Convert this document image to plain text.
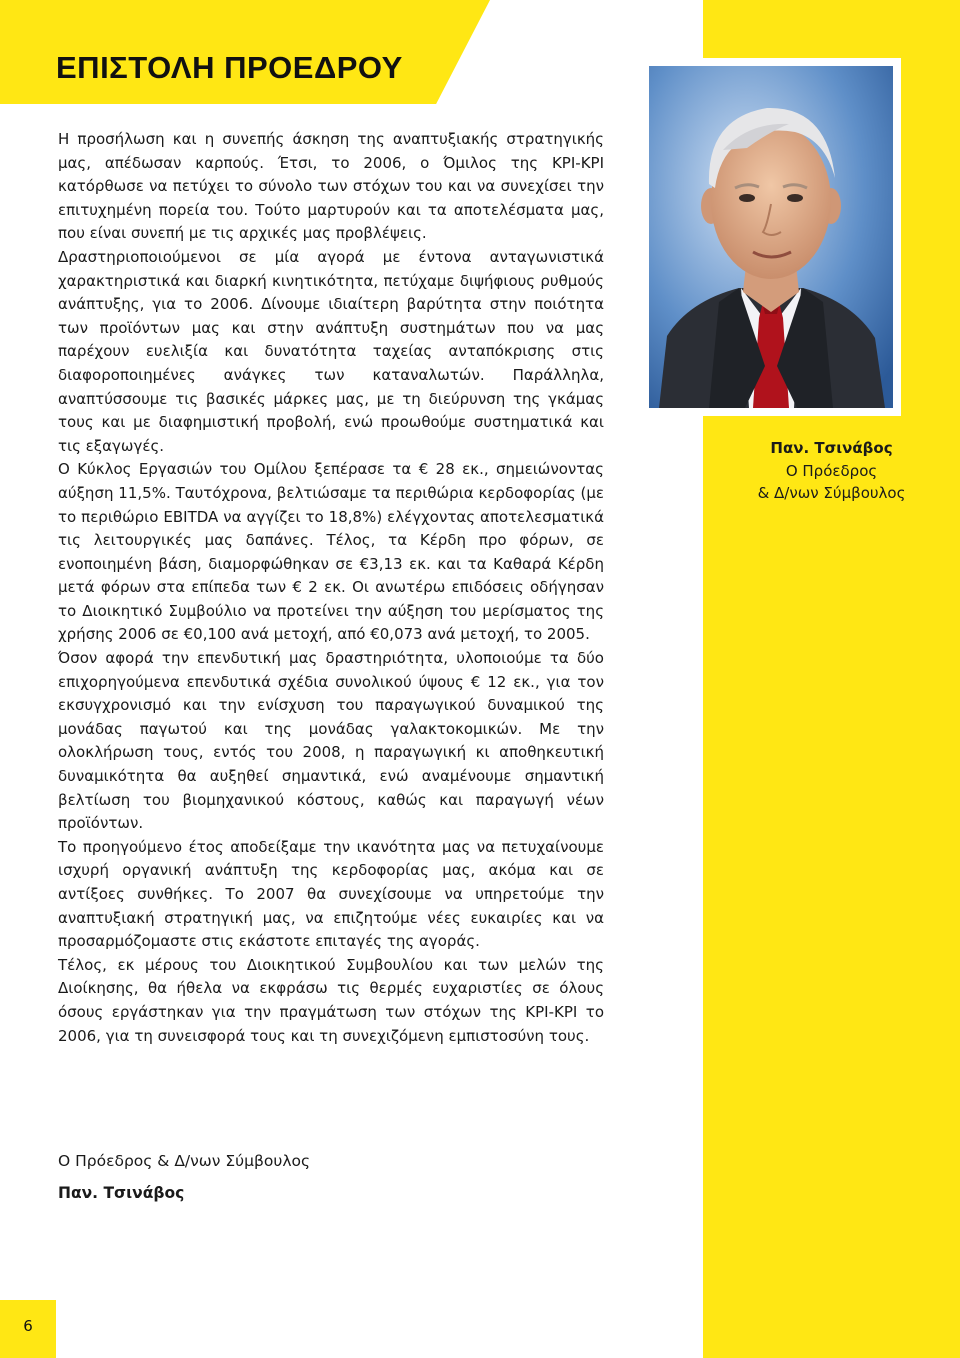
ΕΠΙΣΤΟΛΗ ΠΡΟΕΔΡΟΥ
Παν. Τσινάβος
Ο Πρόεδρος
& Δ/νων Σύμβουλος

Η προσήλωση και η συνεπής άσκηση της αναπτυξιακής στρατηγικής μας, απέδωσαν καρπούς. Έτσι, το 2006, ο Όμιλος της KPI-KPI κατόρθωσε να πετύχει το σύνολο των στόχων του και να συνεχίσει την επιτυχημένη πορεία του. Τούτο μαρτυρούν και τα αποτελέσματα μας, που είναι συνεπή με τις αρχικές μας προβλέψεις.

Δραστηριοποιούμενοι σε μία αγορά με έντονα ανταγωνιστικά χαρακτηριστικά και διαρκή κινητικότητα, πετύχαμε διψήφιους ρυθμούς ανάπτυξης, για το 2006. Δίνουμε ιδιαίτερη βαρύτητα στην ποιότητα των προϊόντων μας και στην ανάπτυξη συστημάτων που να μας παρέχουν ευελιξία και δυνατότητα ταχείας ανταπόκρισης στις διαφοροποιημένες ανάγκες των καταναλωτών. Παράλληλα, αναπτύσσουμε τις βασικές μάρκες μας, με τη διεύρυνση της γκάμας τους και με διαφημιστική προβολή, ενώ προωθούμε συστηματικά και τις εξαγωγές.

Ο Κύκλος Εργασιών του Ομίλου ξεπέρασε τα € 28 εκ., σημειώνοντας αύξηση 11,5%. Ταυτόχρονα, βελτιώσαμε τα περιθώρια κερδοφορίας (με το περιθώριο EBITDA να αγγίζει το 18,8%) ελέγχοντας αποτελεσματικά τις λειτουργικές μας δαπάνες. Τέλος, τα Κέρδη προ φόρων, σε ενοποιημένη βάση, διαμορφώθηκαν σε €3,13 εκ. και τα Καθαρά Κέρδη μετά φόρων στα επίπεδα των € 2 εκ. Οι ανωτέρω επιδόσεις οδήγησαν το Διοικητικό Συμβούλιο να προτείνει την αύξηση του μερίσματος της χρήσης 2006 σε €0,100 ανά μετοχή, από €0,073 ανά μετοχή, το 2005.

Όσον αφορά την επενδυτική μας δραστηριότητα, υλοποιούμε τα δύο επιχορηγούμενα επενδυτικά σχέδια συνολικού ύψους € 12 εκ., για τον εκσυγχρονισμό και την ενίσχυση του παραγωγικού δυναμικού της μονάδας παγωτού και της μονάδας γαλακτοκομικών. Με την ολοκλήρωση τους, εντός του 2008, η παραγωγική κι αποθηκευτική δυναμικότητα θα αυξηθεί σημαντικά, ενώ αναμένουμε σημαντική βελτίωση του βιομηχανικού κόστους, καθώς και παραγωγή νέων προϊόντων.

Το προηγούμενο έτος αποδείξαμε την ικανότητα μας να πετυχαίνουμε ισχυρή οργανική ανάπτυξη της κερδοφορίας μας, ακόμα και σε αντίξοες συνθήκες. Το 2007 θα συνεχίσουμε να υπηρετούμε την αναπτυξιακή στρατηγική μας, να επιζητούμε νέες ευκαιρίες και να προσαρμόζομαστε στις εκάστοτε επιταγές της αγοράς.

Τέλος, εκ μέρους του Διοικητικού Συμβουλίου και των μελών της Διοίκησης, θα ήθελα να εκφράσω τις θερμές ευχαριστίες σε όλους όσους εργάστηκαν για την πραγμάτωση των στόχων της KPI-KPI το 2006, για τη συνεισφορά τους και τη συνεχιζόμενη εμπιστοσύνη τους.

Ο Πρόεδρος & Δ/νων Σύμβουλος
Παν. Τσινάβος
6
